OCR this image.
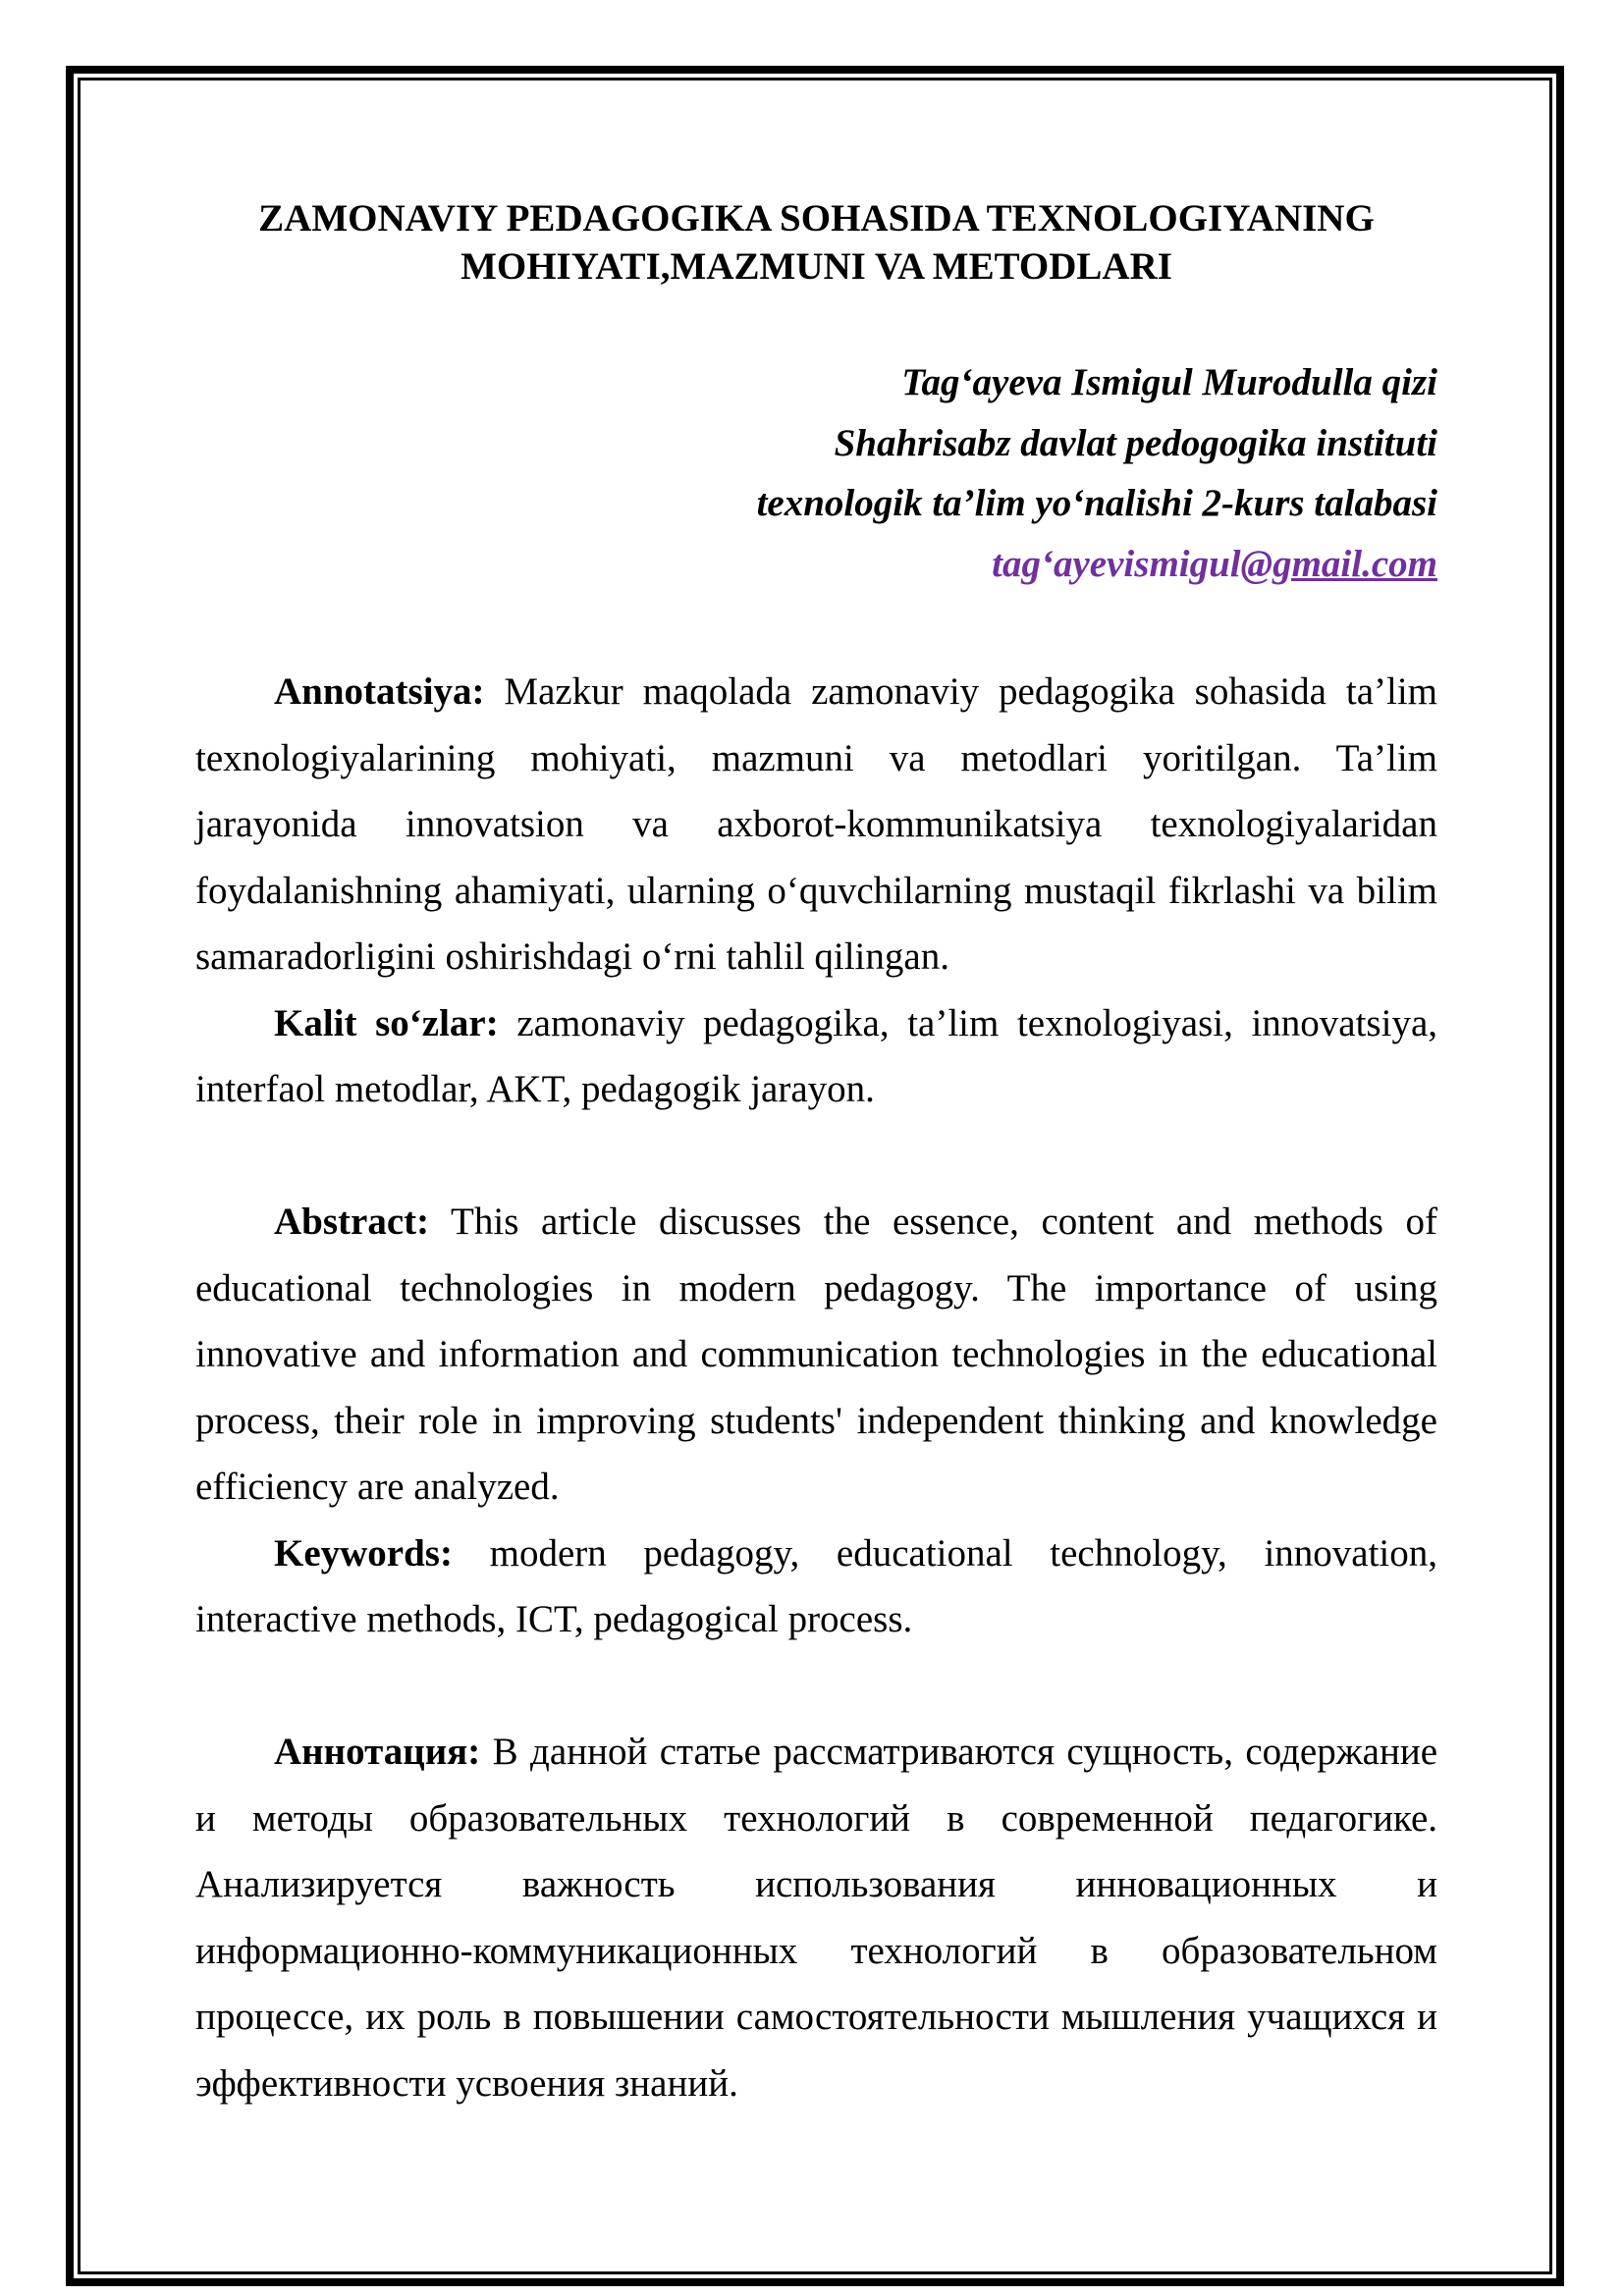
ZAMONAVIY PEDAGOGIKA SOHASIDA TEXNOLOGIYANING
MOHIYATI,MAZMUNI VA METODLARI
Tag‘ayeva Ismigul Murodulla qizi
Shahrisabz davlat pedogogika instituti
texnologik ta’lim yo‘nalishi 2-kurs talabasi
tag‘ayevismigul@gmail.com
Annotatsiya: Mazkur maqolada zamonaviy pedagogika sohasida ta’lim
texnologiyalarining mohiyati, mazmuni va metodlari yoritilgan. Ta’lim
jarayonida innovatsion va axborot-kommunikatsiya texnologiyalaridan
foydalanishning ahamiyati, ularning o‘quvchilarning mustaqil fikrlashi va bilim
samaradorligini oshirishdagi o‘rni tahlil qilingan.
Kalit so‘zlar: zamonaviy pedagogika, ta’lim texnologiyasi, innovatsiya,
interfaol metodlar, AKT, pedagogik jarayon.
Abstract: This article discusses the essence, content and methods of
educational technologies in modern pedagogy. The importance of using
innovative and information and communication technologies in the educational
process, their role in improving students' independent thinking and knowledge
efficiency are analyzed.
Keywords: modern pedagogy, educational technology, innovation,
interactive methods, ICT, pedagogical process.
Аннотация: В данной статье рассматриваются сущность, содержание
и методы образовательных технологий в современной педагогике.
Анализируется важность использования инновационных и
информационно-коммуникационных технологий в образовательном
процессе, их роль в повышении самостоятельности мышления учащихся и
эффективности усвоения знаний.
